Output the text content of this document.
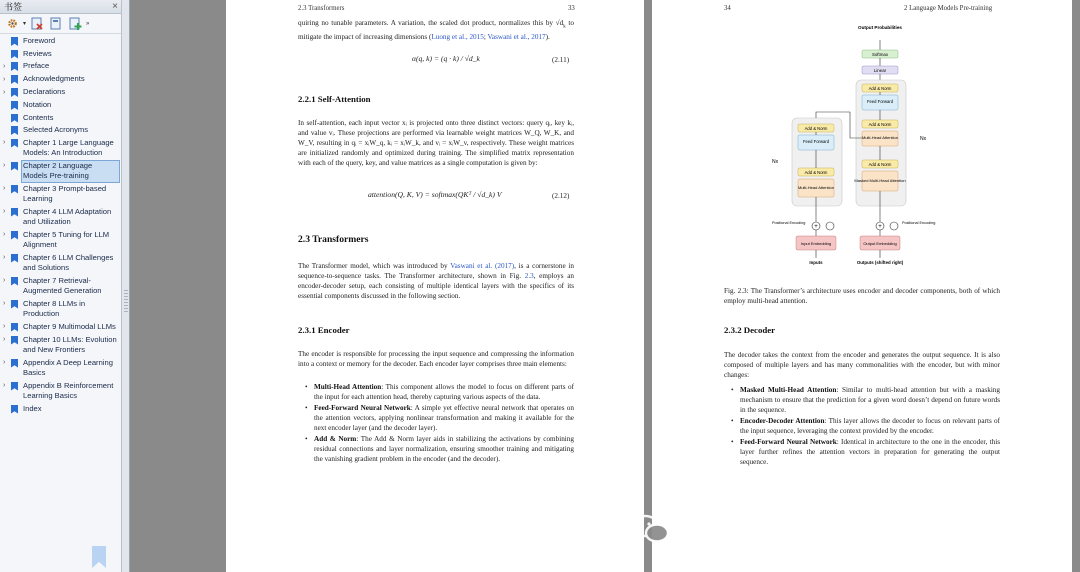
书签	×
▾	»
Foreword
Reviews
›	Preface
›	Acknowledgments
›	Declarations
Notation
Contents
Selected Acronyms
›	Chapter 1 Large Language Models: An Introduction
›	Chapter 2 Language Models Pre-training
›	Chapter 3 Prompt-based Learning
›	Chapter 4 LLM Adaptation and Utilization
›	Chapter 5 Tuning for LLM Alignment
›	Chapter 6 LLM Challenges and Solutions
›	Chapter 7 Retrieval-Augmented Generation
›	Chapter 8 LLMs in Production
›	Chapter 9 Multimodal LLMs
›	Chapter 10 LLMs: Evolution and New Frontiers
›	Appendix A Deep Learning Basics
›	Appendix B Reinforcement Learning Basics
Index
2.3 Transformers	33

quiring no tunable parameters. A variation, the scaled dot product, normalizes this by $√d_k$ to mitigate the impact of increasing dimensions (Luong et al., 2015; Vaswani et al., 2017).

α(q, k) = (q · k) / √d_k	(2.11)
2.2.1 Self-Attention

In self-attention, each input vector xᵢ is projected onto three distinct vectors: query qᵢ, key kᵢ, and value vᵢ. These projections are performed via learnable weight matrices W_Q, W_K, and W_V, resulting in qᵢ = xᵢW_q, kᵢ = xᵢW_k, and vᵢ = xᵢW_v, respectively. These weight matrices are initialized randomly and optimized during training. The simplified matrix representation with each of the query, key, and value matrices as a single computation is given by:

attention(Q, K, V) = softmax(QKᵀ / √d_k) V	(2.12)
2.3 Transformers

The Transformer model, which was introduced by Vaswani et al. (2017), is a cornerstone in sequence-to-sequence tasks. The Transformer architecture, shown in Fig. 2.3, employs an encoder-decoder setup, each consisting of multiple identical layers with the specifics of its essential components discussed in the following section.

2.3.1 Encoder

The encoder is responsible for processing the input sequence and compressing the information into a context or memory for the decoder. Each encoder layer comprises three main elements:

• Multi-Head Attention: This component allows the model to focus on different parts of the input for each attention head, thereby capturing various aspects of the data.
• Feed-Forward Neural Network: A simple yet effective neural network that operates on the attention vectors, applying nonlinear transformation and making it available for the next encoder layer (and the decoder layer).
• Add & Norm: The Add & Norm layer aids in stabilizing the activations by combining residual connections and layer normalization, ensuring smoother training and mitigating the vanishing gradient problem in the encoder (and the decoder).
34	2 Language Models Pre-training
Output Probabilities
Softmax
Linear
Add & Norm
Feed Forward
Add & Norm
Multi-Head Attention
Add & Norm
Masked Multi-Head Attention
Nx
Add & Norm
Feed Forward
Add & Norm
Multi-Head Attention
Nx
+
Positional Encoding
+
Positional Encoding
Input Embedding	Output Embedding
Inputs	Outputs (shifted right)

Fig. 2.3: The Transformer’s architecture uses encoder and decoder components, both of which employ multi-head attention.

2.3.2 Decoder

The decoder takes the context from the encoder and generates the output sequence. It is also composed of multiple layers and has many commonalities with the encoder, but with minor changes:

• Masked Multi-Head Attention: Similar to multi-head attention but with a masking mechanism to ensure that the prediction for a given word doesn’t depend on future words in the sequence.
• Encoder-Decoder Attention: This layer allows the decoder to focus on relevant parts of the input sequence, leveraging the context provided by the encoder.
• Feed-Forward Neural Network: Identical in architecture to the one in the encoder, this layer further refines the attention vectors in preparation for generating the output sequence.
公众号 · 人工智能学习指南
